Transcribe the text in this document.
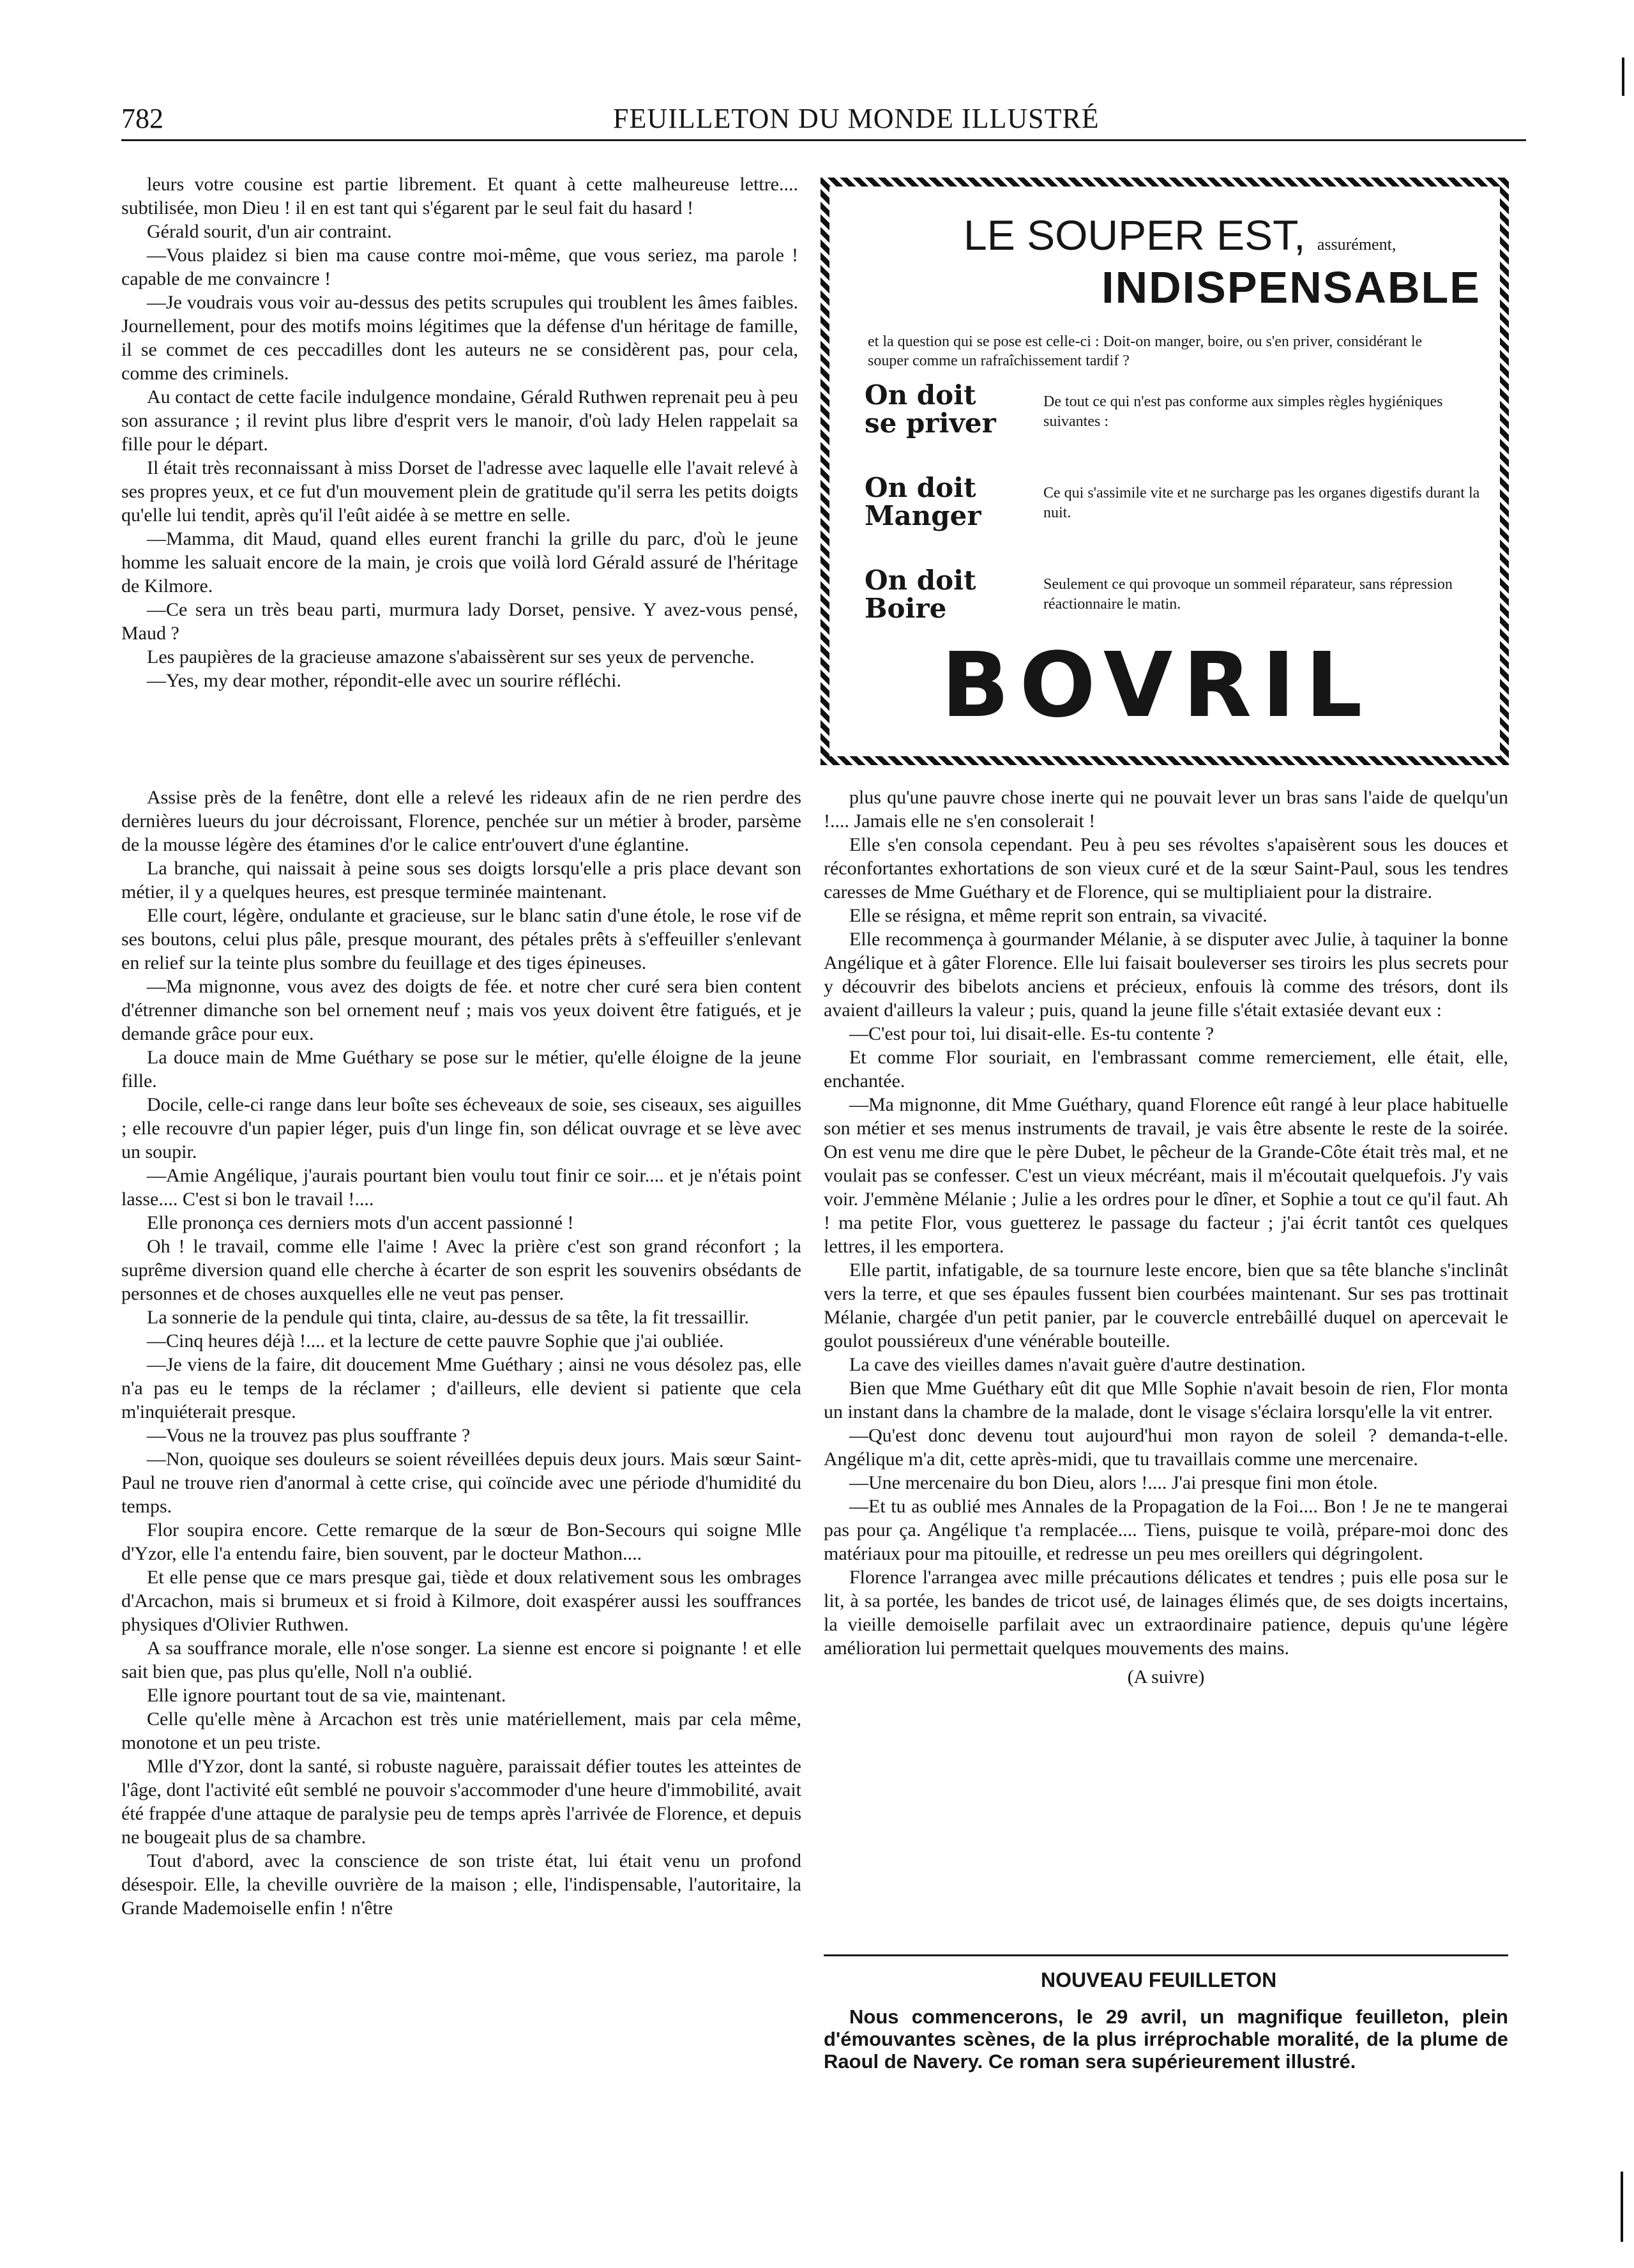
782	FEUILLETON DU MONDE ILLUSTRÉ

leurs votre cousine est partie librement. Et quant à cette malheureuse lettre.... subtilisée, mon Dieu ! il en est tant qui s'égarent par le seul fait du hasard !

Gérald sourit, d'un air contraint.

—Vous plaidez si bien ma cause contre moi-même, que vous seriez, ma parole ! capable de me convaincre !

—Je voudrais vous voir au-dessus des petits scrupules qui troublent les âmes faibles. Journellement, pour des motifs moins légitimes que la défense d'un héritage de famille, il se commet de ces peccadilles dont les auteurs ne se considèrent pas, pour cela, comme des criminels.

Au contact de cette facile indulgence mondaine, Gérald Ruthwen reprenait peu à peu son assurance ; il revint plus libre d'esprit vers le manoir, d'où lady Helen rappelait sa fille pour le départ.

Il était très reconnaissant à miss Dorset de l'adresse avec laquelle elle l'avait relevé à ses propres yeux, et ce fut d'un mouvement plein de gratitude qu'il serra les petits doigts qu'elle lui tendit, après qu'il l'eût aidée à se mettre en selle.

—Mamma, dit Maud, quand elles eurent franchi la grille du parc, d'où le jeune homme les saluait encore de la main, je crois que voilà lord Gérald assuré de l'héritage de Kilmore.

—Ce sera un très beau parti, murmura lady Dorset, pensive. Y avez-vous pensé, Maud ?

Les paupières de la gracieuse amazone s'abaissèrent sur ses yeux de pervenche.

—Yes, my dear mother, répondit-elle avec un sourire réfléchi.

LE SOUPER EST, assurément,
INDISPENSABLE
et la question qui se pose est celle-ci : Doit-on manger, boire, ou s'en priver, considérant le souper comme un rafraîchissement tardif ?
On doit
se priver
De tout ce qui n'est pas conforme aux simples règles hygiéniques suivantes :
On doit
Manger
Ce qui s'assimile vite et ne surcharge pas les organes digestifs durant la nuit.
On doit
Boire
Seulement ce qui provoque un sommeil réparateur, sans répression réactionnaire le matin.
BOVRIL

Assise près de la fenêtre, dont elle a relevé les rideaux afin de ne rien perdre des dernières lueurs du jour décroissant, Florence, penchée sur un métier à broder, parsème de la mousse légère des étamines d'or le calice entr'ouvert d'une églantine.

La branche, qui naissait à peine sous ses doigts lorsqu'elle a pris place devant son métier, il y a quelques heures, est presque terminée maintenant.

Elle court, légère, ondulante et gracieuse, sur le blanc satin d'une étole, le rose vif de ses boutons, celui plus pâle, presque mourant, des pétales prêts à s'effeuiller s'enlevant en relief sur la teinte plus sombre du feuillage et des tiges épineuses.

—Ma mignonne, vous avez des doigts de fée. et notre cher curé sera bien content d'étrenner dimanche son bel ornement neuf ; mais vos yeux doivent être fatigués, et je demande grâce pour eux.

La douce main de Mme Guéthary se pose sur le métier, qu'elle éloigne de la jeune fille.

Docile, celle-ci range dans leur boîte ses écheveaux de soie, ses ciseaux, ses aiguilles ; elle recouvre d'un papier léger, puis d'un linge fin, son délicat ouvrage et se lève avec un soupir.

—Amie Angélique, j'aurais pourtant bien voulu tout finir ce soir.... et je n'étais point lasse.... C'est si bon le travail !....

Elle prononça ces derniers mots d'un accent passionné !

Oh ! le travail, comme elle l'aime ! Avec la prière c'est son grand réconfort ; la suprême diversion quand elle cherche à écarter de son esprit les souvenirs obsédants de personnes et de choses auxquelles elle ne veut pas penser.

La sonnerie de la pendule qui tinta, claire, au-dessus de sa tête, la fit tressaillir.

—Cinq heures déjà !.... et la lecture de cette pauvre Sophie que j'ai oubliée.

—Je viens de la faire, dit doucement Mme Guéthary ; ainsi ne vous désolez pas, elle n'a pas eu le temps de la réclamer ; d'ailleurs, elle devient si patiente que cela m'inquiéterait presque.

—Vous ne la trouvez pas plus souffrante ?

—Non, quoique ses douleurs se soient réveillées depuis deux jours. Mais sœur Saint-Paul ne trouve rien d'anormal à cette crise, qui coïncide avec une période d'humidité du temps.

Flor soupira encore. Cette remarque de la sœur de Bon-Secours qui soigne Mlle d'Yzor, elle l'a entendu faire, bien souvent, par le docteur Mathon....

Et elle pense que ce mars presque gai, tiède et doux relativement sous les ombrages d'Arcachon, mais si brumeux et si froid à Kilmore, doit exaspérer aussi les souffrances physiques d'Olivier Ruthwen.

A sa souffrance morale, elle n'ose songer. La sienne est encore si poignante ! et elle sait bien que, pas plus qu'elle, Noll n'a oublié.

Elle ignore pourtant tout de sa vie, maintenant.

Celle qu'elle mène à Arcachon est très unie matériellement, mais par cela même, monotone et un peu triste.

Mlle d'Yzor, dont la santé, si robuste naguère, paraissait défier toutes les atteintes de l'âge, dont l'activité eût semblé ne pouvoir s'accommoder d'une heure d'immobilité, avait été frappée d'une attaque de paralysie peu de temps après l'arrivée de Florence, et depuis ne bougeait plus de sa chambre.

Tout d'abord, avec la conscience de son triste état, lui était venu un profond désespoir. Elle, la cheville ouvrière de la maison ; elle, l'indispensable, l'autoritaire, la Grande Mademoiselle enfin ! n'être

plus qu'une pauvre chose inerte qui ne pouvait lever un bras sans l'aide de quelqu'un !.... Jamais elle ne s'en consolerait !

Elle s'en consola cependant. Peu à peu ses révoltes s'apaisèrent sous les douces et réconfortantes exhortations de son vieux curé et de la sœur Saint-Paul, sous les tendres caresses de Mme Guéthary et de Florence, qui se multipliaient pour la distraire.

Elle se résigna, et même reprit son entrain, sa vivacité.

Elle recommença à gourmander Mélanie, à se disputer avec Julie, à taquiner la bonne Angélique et à gâter Florence. Elle lui faisait bouleverser ses tiroirs les plus secrets pour y découvrir des bibelots anciens et précieux, enfouis là comme des trésors, dont ils avaient d'ailleurs la valeur ; puis, quand la jeune fille s'était extasiée devant eux :

—C'est pour toi, lui disait-elle. Es-tu contente ?

Et comme Flor souriait, en l'embrassant comme remerciement, elle était, elle, enchantée.

—Ma mignonne, dit Mme Guéthary, quand Florence eût rangé à leur place habituelle son métier et ses menus instruments de travail, je vais être absente le reste de la soirée. On est venu me dire que le père Dubet, le pêcheur de la Grande-Côte était très mal, et ne voulait pas se confesser. C'est un vieux mécréant, mais il m'écoutait quelquefois. J'y vais voir. J'emmène Mélanie ; Julie a les ordres pour le dîner, et Sophie a tout ce qu'il faut. Ah ! ma petite Flor, vous guetterez le passage du facteur ; j'ai écrit tantôt ces quelques lettres, il les emportera.

Elle partit, infatigable, de sa tournure leste encore, bien que sa tête blanche s'inclinât vers la terre, et que ses épaules fussent bien courbées maintenant. Sur ses pas trottinait Mélanie, chargée d'un petit panier, par le couvercle entrebâillé duquel on apercevait le goulot poussiéreux d'une vénérable bouteille.

La cave des vieilles dames n'avait guère d'autre destination.

Bien que Mme Guéthary eût dit que Mlle Sophie n'avait besoin de rien, Flor monta un instant dans la chambre de la malade, dont le visage s'éclaira lorsqu'elle la vit entrer.

—Qu'est donc devenu tout aujourd'hui mon rayon de soleil ? demanda-t-elle. Angélique m'a dit, cette après-midi, que tu travaillais comme une mercenaire.

—Une mercenaire du bon Dieu, alors !.... J'ai presque fini mon étole.

—Et tu as oublié mes Annales de la Propagation de la Foi.... Bon ! Je ne te mangerai pas pour ça. Angélique t'a remplacée.... Tiens, puisque te voilà, prépare-moi donc des matériaux pour ma pitouille, et redresse un peu mes oreillers qui dégringolent.

Florence l'arrangea avec mille précautions délicates et tendres ; puis elle posa sur le lit, à sa portée, les bandes de tricot usé, de lainages élimés que, de ses doigts incertains, la vieille demoiselle parfilait avec un extraordinaire patience, depuis qu'une légère amélioration lui permettait quelques mouvements des mains.

(A suivre)

NOUVEAU FEUILLETON
Nous commencerons, le 29 avril, un magnifique feuilleton, plein d'émouvantes scènes, de la plus irréprochable moralité, de la plume de Raoul de Navery. Ce roman sera supérieurement illustré.
